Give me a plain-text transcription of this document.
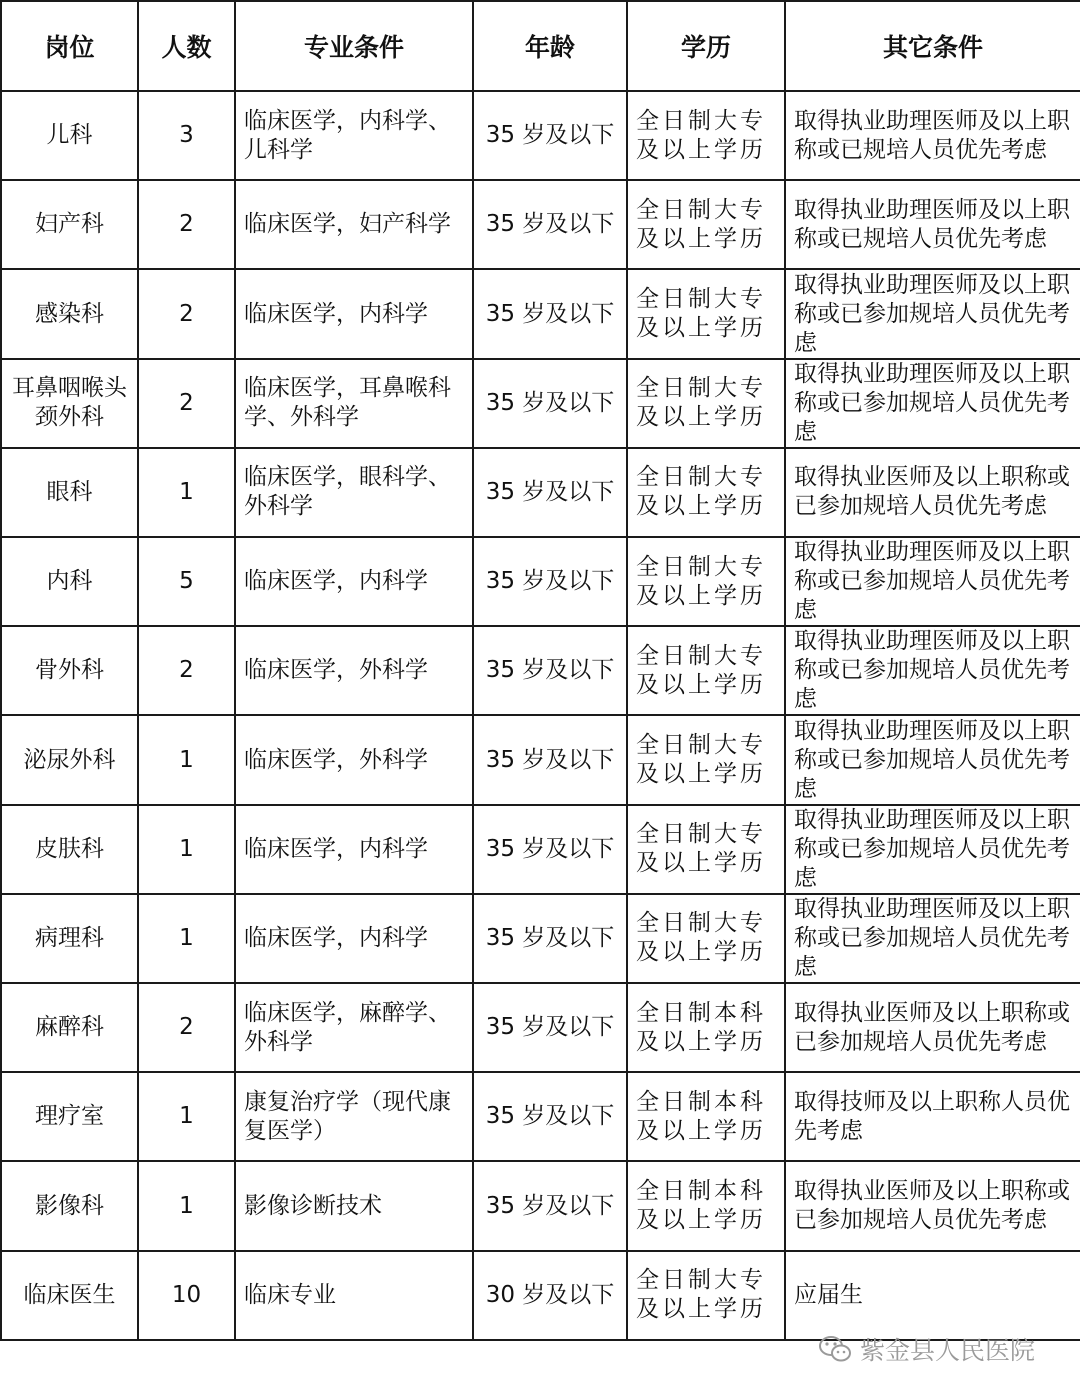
岗位	人数	专业条件	年龄	学历	其它条件
儿科	3	临床医学，内科学、儿科学	35 岁及以下	全日制大专及以上学历	取得执业助理医师及以上职称或已规培人员优先考虑
妇产科	2	临床医学，妇产科学	35 岁及以下	全日制大专及以上学历	取得执业助理医师及以上职称或已规培人员优先考虑
感染科	2	临床医学，内科学	35 岁及以下	全日制大专及以上学历	取得执业助理医师及以上职称或已参加规培人员优先考虑
耳鼻咽喉头颈外科	2	临床医学，耳鼻喉科学、外科学	35 岁及以下	全日制大专及以上学历	取得执业助理医师及以上职称或已参加规培人员优先考虑
眼科	1	临床医学，眼科学、外科学	35 岁及以下	全日制大专及以上学历	取得执业医师及以上职称或已参加规培人员优先考虑
内科	5	临床医学，内科学	35 岁及以下	全日制大专及以上学历	取得执业助理医师及以上职称或已参加规培人员优先考虑
骨外科	2	临床医学，外科学	35 岁及以下	全日制大专及以上学历	取得执业助理医师及以上职称或已参加规培人员优先考虑
泌尿外科	1	临床医学，外科学	35 岁及以下	全日制大专及以上学历	取得执业助理医师及以上职称或已参加规培人员优先考虑
皮肤科	1	临床医学，内科学	35 岁及以下	全日制大专及以上学历	取得执业助理医师及以上职称或已参加规培人员优先考虑
病理科	1	临床医学，内科学	35 岁及以下	全日制大专及以上学历	取得执业助理医师及以上职称或已参加规培人员优先考虑
麻醉科	2	临床医学，麻醉学、外科学	35 岁及以下	全日制本科及以上学历	取得执业医师及以上职称或已参加规培人员优先考虑
理疗室	1	康复治疗学（现代康复医学）	35 岁及以下	全日制本科及以上学历	取得技师及以上职称人员优先考虑
影像科	1	影像诊断技术	35 岁及以下	全日制本科及以上学历	取得执业医师及以上职称或已参加规培人员优先考虑
临床医生	10	临床专业	30 岁及以下	全日制大专及以上学历	应届生
紫金县人民医院
